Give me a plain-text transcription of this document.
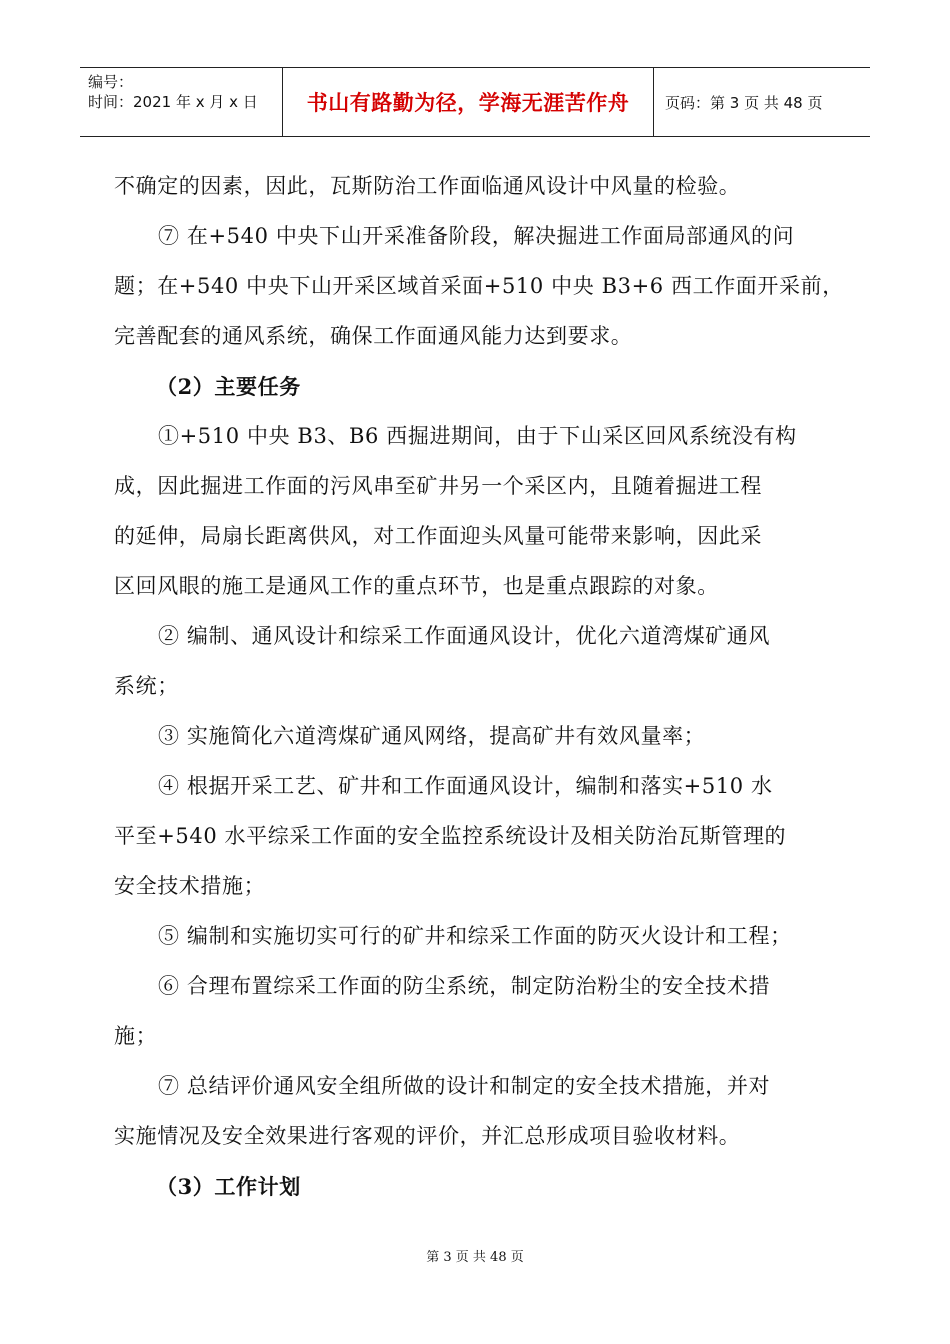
编号：
时间：2021 年 x 月 x 日 书山有路勤为径，学海无涯苦作舟 页码：第 3 页 共 48 页
不确定的因素，因此，瓦斯防治工作面临通风设计中风量的检验。
⑦ 在+540 中央下山开采准备阶段，解决掘进工作面局部通风的问
题；在+540 中央下山开采区域首采面+510 中央 B3+6 西工作面开采前，
完善配套的通风系统，确保工作面通风能力达到要求。
（2）主要任务
①+510 中央 B3、B6 西掘进期间，由于下山采区回风系统没有构
成，因此掘进工作面的污风串至矿井另一个采区内，且随着掘进工程
的延伸，局扇长距离供风，对工作面迎头风量可能带来影响，因此采
区回风眼的施工是通风工作的重点环节，也是重点跟踪的对象。
② 编制、通风设计和综采工作面通风设计，优化六道湾煤矿通风
系统；
③ 实施简化六道湾煤矿通风网络，提高矿井有效风量率；
④ 根据开采工艺、矿井和工作面通风设计，编制和落实+510 水
平至+540 水平综采工作面的安全监控系统设计及相关防治瓦斯管理的
安全技术措施；
⑤ 编制和实施切实可行的矿井和综采工作面的防灭火设计和工程；
⑥ 合理布置综采工作面的防尘系统，制定防治粉尘的安全技术措
施；
⑦ 总结评价通风安全组所做的设计和制定的安全技术措施，并对
实施情况及安全效果进行客观的评价，并汇总形成项目验收材料。
（3）工作计划
第 3 页 共 48 页
